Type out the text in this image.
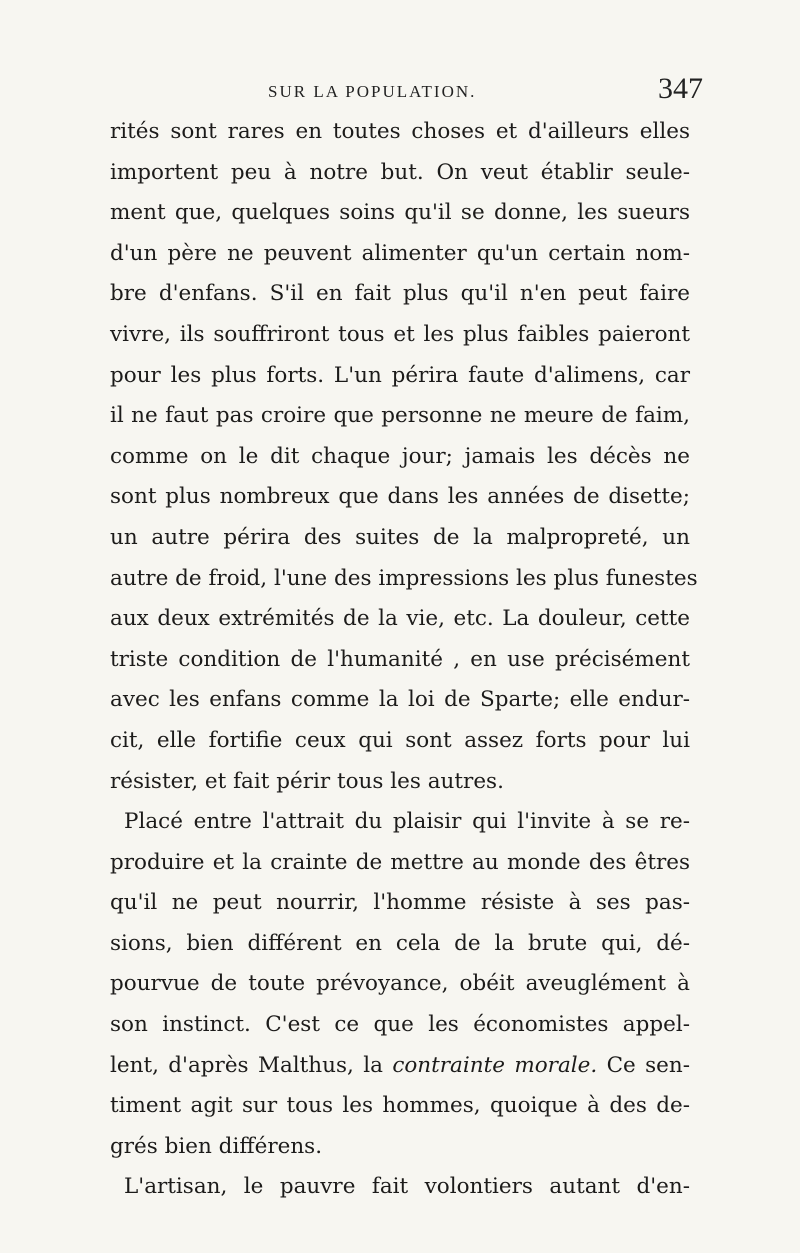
SUR LA POPULATION.	347
rités sont rares en toutes choses et d'ailleurs elles
importent peu à notre but. On veut établir seule-
ment que, quelques soins qu'il se donne, les sueurs
d'un père ne peuvent alimenter qu'un certain nom-
bre d'enfans. S'il en fait plus qu'il n'en peut faire
vivre, ils souffriront tous et les plus faibles paieront
pour les plus forts. L'un périra faute d'alimens, car
il ne faut pas croire que personne ne meure de faim,
comme on le dit chaque jour; jamais les décès ne
sont plus nombreux que dans les années de disette;
un autre périra des suites de la malpropreté, un
autre de froid, l'une des impressions les plus funestes
aux deux extrémités de la vie, etc. La douleur, cette
triste condition de l'humanité , en use précisément
avec les enfans comme la loi de Sparte; elle endur-
cit, elle fortifie ceux qui sont assez forts pour lui
résister, et fait périr tous les autres.
Placé entre l'attrait du plaisir qui l'invite à se re-
produire et la crainte de mettre au monde des êtres
qu'il ne peut nourrir, l'homme résiste à ses pas-
sions, bien différent en cela de la brute qui, dé-
pourvue de toute prévoyance, obéit aveuglément à
son instinct. C'est ce que les économistes appel-
lent, d'après Malthus, la contrainte morale. Ce sen-
timent agit sur tous les hommes, quoique à des de-
grés bien différens.
L'artisan, le pauvre fait volontiers autant d'en-
